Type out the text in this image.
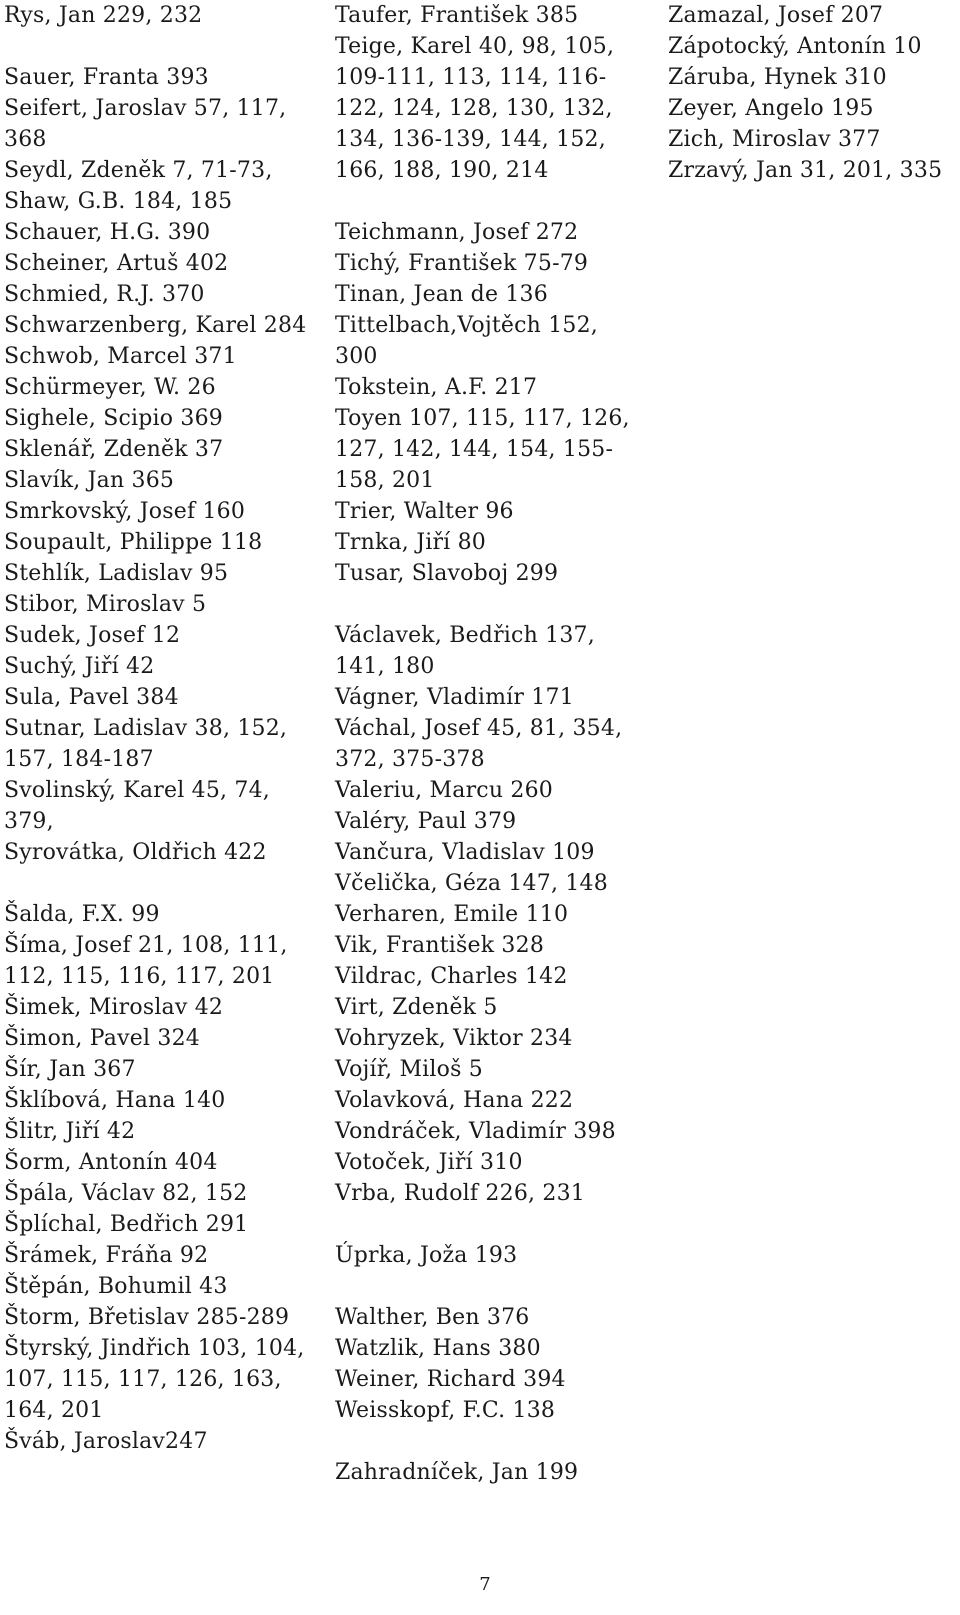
Rys, Jan 229, 232
Sauer, Franta 393
Seifert, Jaroslav 57, 117,
368
Seydl, Zdeněk 7, 71-73,
Shaw, G.B. 184, 185
Schauer, H.G. 390
Scheiner, Artuš 402
Schmied, R.J. 370
Schwarzenberg, Karel 284
Schwob, Marcel 371
Schürmeyer, W. 26
Sighele, Scipio 369
Sklenář, Zdeněk 37
Slavík, Jan 365
Smrkovský, Josef 160
Soupault, Philippe 118
Stehlík, Ladislav 95
Stibor, Miroslav 5
Sudek, Josef 12
Suchý, Jiří 42
Sula, Pavel 384
Sutnar, Ladislav 38, 152,
157, 184-187
Svolinský, Karel 45, 74,
379,
Syrovátka, Oldřich 422
Šalda, F.X. 99
Šíma, Josef 21, 108, 111,
112, 115, 116, 117, 201
Šimek, Miroslav 42
Šimon, Pavel 324
Šír, Jan 367
Šklíbová, Hana 140
Šlitr, Jiří 42
Šorm, Antonín 404
Špála, Václav 82, 152
Šplíchal, Bedřich 291
Šrámek, Fráňa 92
Štěpán, Bohumil 43
Štorm, Břetislav 285-289
Štyrský, Jindřich 103, 104,
107, 115, 117, 126, 163,
164, 201
Šváb, Jaroslav247
Taufer, František 385
Teige, Karel 40, 98, 105,
109-111, 113, 114, 116-
122, 124, 128, 130, 132,
134, 136-139, 144, 152,
166, 188, 190, 214
Teichmann, Josef 272
Tichý, František 75-79
Tinan, Jean de 136
Tittelbach,Vojtěch 152,
300
Tokstein, A.F. 217
Toyen 107, 115, 117, 126,
127, 142, 144, 154, 155-
158, 201
Trier, Walter 96
Trnka, Jiří 80
Tusar, Slavoboj 299
Václavek, Bedřich 137,
141, 180
Vágner, Vladimír 171
Váchal, Josef 45, 81, 354,
372, 375-378
Valeriu, Marcu 260
Valéry, Paul 379
Vančura, Vladislav 109
Včelička, Géza 147, 148
Verharen, Emile 110
Vik, František 328
Vildrac, Charles 142
Virt, Zdeněk 5
Vohryzek, Viktor 234
Vojíř, Miloš 5
Volavková, Hana 222
Vondráček, Vladimír 398
Votoček, Jiří 310
Vrba, Rudolf 226, 231
Úprka, Joža 193
Walther, Ben 376
Watzlik, Hans 380
Weiner, Richard 394
Weisskopf, F.C. 138
Zahradníček, Jan 199
Zamazal, Josef 207
Zápotocký, Antonín 10
Záruba, Hynek 310
Zeyer, Angelo 195
Zich, Miroslav 377
Zrzavý, Jan 31, 201, 335
7
